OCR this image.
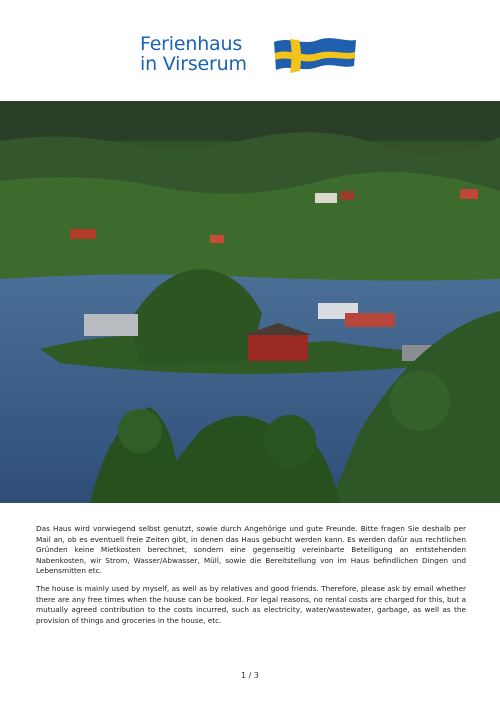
Ferienhaus
in Virserum

Das Haus wird vorwiegend selbst genutzt, sowie durch Angehörige und gute Freunde. Bitte fragen Sie deshalb per Mail an, ob es eventuell freie Zeiten gibt, in denen das Haus gebucht werden kann. Es werden dafür aus rechtlichen Gründen keine Mietkosten berechnet, sondern eine gegenseitig vereinbarte Beteiligung an entstehenden Nabenkosten, wir Strom, Wasser/Abwasser, Müll, sowie die Bereitstellung von im Haus befindlichen Dingen und Lebensmitten etc.

The house is mainly used by myself, as well as by relatives and good friends. Therefore, please ask by email whether there are any free times when the house can be booked. For legal reasons, no rental costs are charged for this, but a mutually agreed contribution to the costs incurred, such as electricity, water/wastewater, garbage, as well as the provision of things and groceries in the house, etc.

1 / 3
